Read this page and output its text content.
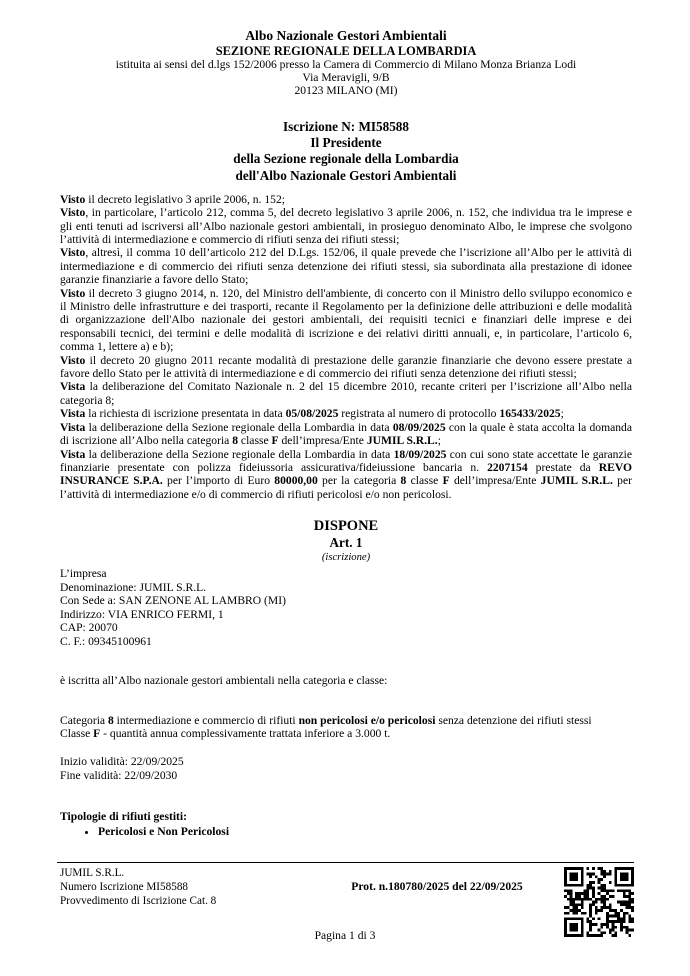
Albo Nazionale Gestori Ambientali
SEZIONE REGIONALE DELLA LOMBARDIA
istituita ai sensi del d.lgs 152/2006 presso la Camera di Commercio di Milano Monza Brianza Lodi
Via Meravigli, 9/B
20123 MILANO (MI)
Iscrizione N: MI58588
Il Presidente
della Sezione regionale della Lombardia
dell'Albo Nazionale Gestori Ambientali

Visto il decreto legislativo 3 aprile 2006, n. 152;

Visto, in particolare, l’articolo 212, comma 5, del decreto legislativo 3 aprile 2006, n. 152, che individua tra le imprese e gli enti tenuti ad iscriversi all’Albo nazionale gestori ambientali, in prosieguo denominato Albo, le imprese che svolgono l’attività di intermediazione e commercio di rifiuti senza dei rifiuti stessi;

Visto, altresì, il comma 10 dell’articolo 212 del D.Lgs. 152/06, il quale prevede che l’iscrizione all’Albo per le attività di intermediazione e di commercio dei rifiuti senza detenzione dei rifiuti stessi, sia subordinata alla prestazione di idonee garanzie finanziarie a favore dello Stato;

Visto il decreto 3 giugno 2014, n. 120, del Ministro dell'ambiente, di concerto con il Ministro dello sviluppo economico e il Ministro delle infrastrutture e dei trasporti, recante il Regolamento per la definizione delle attribuzioni e delle modalità di organizzazione dell'Albo nazionale dei gestori ambientali, dei requisiti tecnici e finanziari delle imprese e dei responsabili tecnici, dei termini e delle modalità di iscrizione e dei relativi diritti annuali, e, in particolare, l’articolo 6, comma 1, lettere a) e b);

Visto il decreto 20 giugno 2011 recante modalità di prestazione delle garanzie finanziarie che devono essere prestate a favore dello Stato per le attività di intermediazione e di commercio dei rifiuti senza detenzione dei rifiuti stessi;

Vista la deliberazione del Comitato Nazionale n. 2 del 15 dicembre 2010, recante criteri per l’iscrizione all’Albo nella categoria 8;

Vista la richiesta di iscrizione presentata in data 05/08/2025 registrata al numero di protocollo 165433/2025;

Vista la deliberazione della Sezione regionale della Lombardia in data 08/09/2025 con la quale è stata accolta la domanda di iscrizione all’Albo nella categoria 8 classe F dell’impresa/Ente JUMIL S.R.L.;

Vista la deliberazione della Sezione regionale della Lombardia in data 18/09/2025 con cui sono state accettate le garanzie finanziarie presentate con polizza fideiussoria assicurativa/fideiussione bancaria n. 2207154 prestate da REVO INSURANCE S.P.A. per l’importo di Euro 80000,00 per la categoria 8 classe F dell’impresa/Ente JUMIL S.R.L. per l’attività di intermediazione e/o di commercio di rifiuti pericolosi e/o non pericolosi.

DISPONE
Art. 1
(iscrizione)
L’impresa
Denominazione: JUMIL S.R.L.
Con Sede a: SAN ZENONE AL LAMBRO (MI)
Indirizzo: VIA ENRICO FERMI, 1
CAP: 20070
C. F.: 09345100961
è iscritta all’Albo nazionale gestori ambientali nella categoria e classe:
Categoria 8 intermediazione e commercio di rifiuti non pericolosi e/o pericolosi senza detenzione dei rifiuti stessi
Classe F - quantità annua complessivamente trattata inferiore a 3.000 t.
Inizio validità: 22/09/2025
Fine validità: 22/09/2030
Tipologie di rifiuti gestiti:
• Pericolosi e Non Pericolosi
JUMIL S.R.L.
Numero Iscrizione MI58588
Provvedimento di Iscrizione Cat. 8
Prot. n.180780/2025 del 22/09/2025
Pagina 1 di 3
